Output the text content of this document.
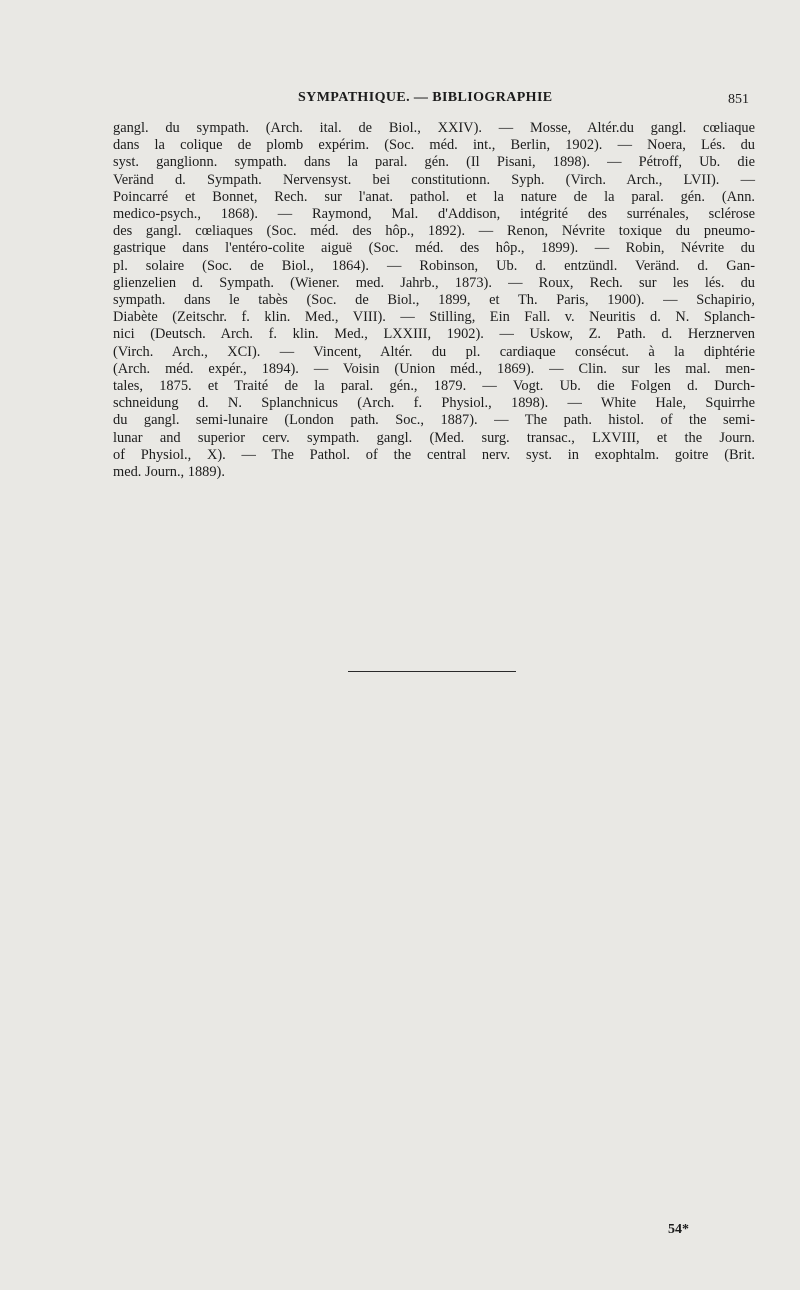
SYMPATHIQUE. — BIBLIOGRAPHIE	851
gangl. du sympath. (Arch. ital. de Biol., XXIV). — Mosse, Altér.du gangl. cœliaque
dans la colique de plomb expérim. (Soc. méd. int., Berlin, 1902). — Noera, Lés. du
syst. ganglionn. sympath. dans la paral. gén. (Il Pisani, 1898). — Pétroff, Ub. die
Veränd d. Sympath. Nervensyst. bei constitutionn. Syph. (Virch. Arch., LVII). —
Poincarré et Bonnet, Rech. sur l'anat. pathol. et la nature de la paral. gén. (Ann.
medico-psych., 1868). — Raymond, Mal. d'Addison, intégrité des surrénales, sclérose
des gangl. cœliaques (Soc. méd. des hôp., 1892). — Renon, Névrite toxique du pneumo-
gastrique dans l'entéro-colite aiguë (Soc. méd. des hôp., 1899). — Robin, Névrite du
pl. solaire (Soc. de Biol., 1864). — Robinson, Ub. d. entzündl. Veränd. d. Gan-
glienzelien d. Sympath. (Wiener. med. Jahrb., 1873). — Roux, Rech. sur les lés. du
sympath. dans le tabès (Soc. de Biol., 1899, et Th. Paris, 1900). — Schapirio,
Diabète (Zeitschr. f. klin. Med., VIII). — Stilling, Ein Fall. v. Neuritis d. N. Splanch-
nici (Deutsch. Arch. f. klin. Med., LXXIII, 1902). — Uskow, Z. Path. d. Herznerven
(Virch. Arch., XCI). — Vincent, Altér. du pl. cardiaque consécut. à la diphtérie
(Arch. méd. expér., 1894). — Voisin (Union méd., 1869). — Clin. sur les mal. men-
tales, 1875. et Traité de la paral. gén., 1879. — Vogt. Ub. die Folgen d. Durch-
schneidung d. N. Splanchnicus (Arch. f. Physiol., 1898). — White Hale, Squirrhe
du gangl. semi-lunaire (London path. Soc., 1887). — The path. histol. of the semi-
lunar and superior cerv. sympath. gangl. (Med. surg. transac., LXVIII, et the Journ.
of Physiol., X). — The Pathol. of the central nerv. syst. in exophtalm. goitre (Brit.
med. Journ., 1889).
54*
